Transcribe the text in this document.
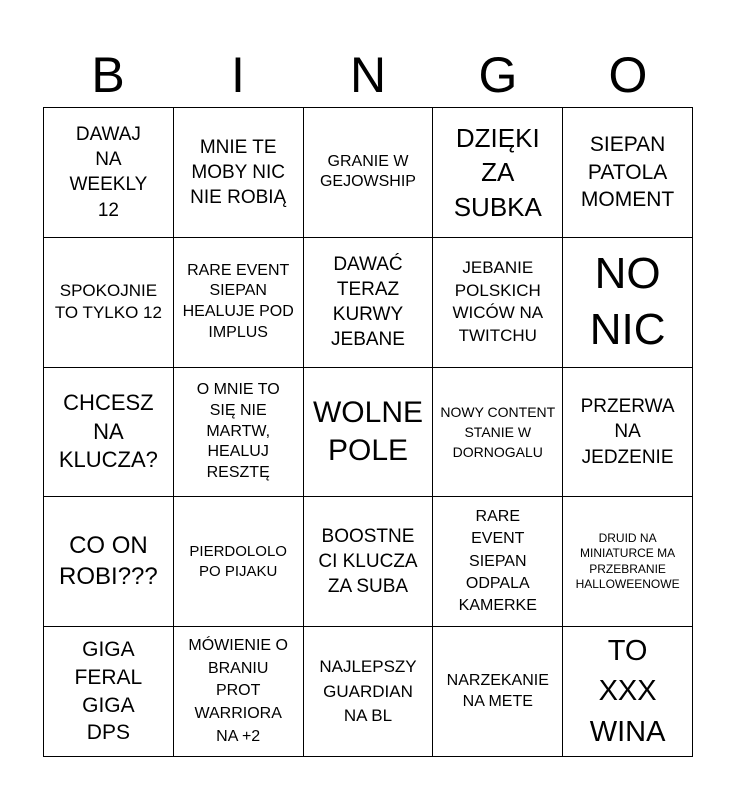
B	I	N	G	O
DAWAJ NA WEEKLY 12
MNIE TE MOBY NIC NIE ROBIĄ
GRANIE W GEJOWSHIP
DZIĘKI ZA SUBKA
SIEPAN PATOLA MOMENT
SPOKOJNIE TO TYLKO 12
RARE EVENT SIEPAN HEALUJE POD IMPLUS
DAWAĆ TERAZ KURWY JEBANE
JEBANIE POLSKICH WICÓW NA TWITCHU
NO NIC
CHCESZ NA KLUCZA?
O MNIE TO SIĘ NIE MARTW, HEALUJ RESZTĘ
WOLNE POLE
NOWY CONTENT STANIE W DORNOGALU
PRZERWA NA JEDZENIE
CO ON ROBI???
PIERDOLOLO PO PIJAKU
BOOSTNE CI KLUCZA ZA SUBA
RARE EVENT SIEPAN ODPALA KAMERKE
DRUID NA MINIATURCE MA PRZEBRANIE HALLOWEENOWE
GIGA FERAL GIGA DPS
MÓWIENIE O BRANIU PROT WARRIORA NA +2
NAJLEPSZY GUARDIAN NA BL
NARZEKANIE NA METE
TO XXX WINA
